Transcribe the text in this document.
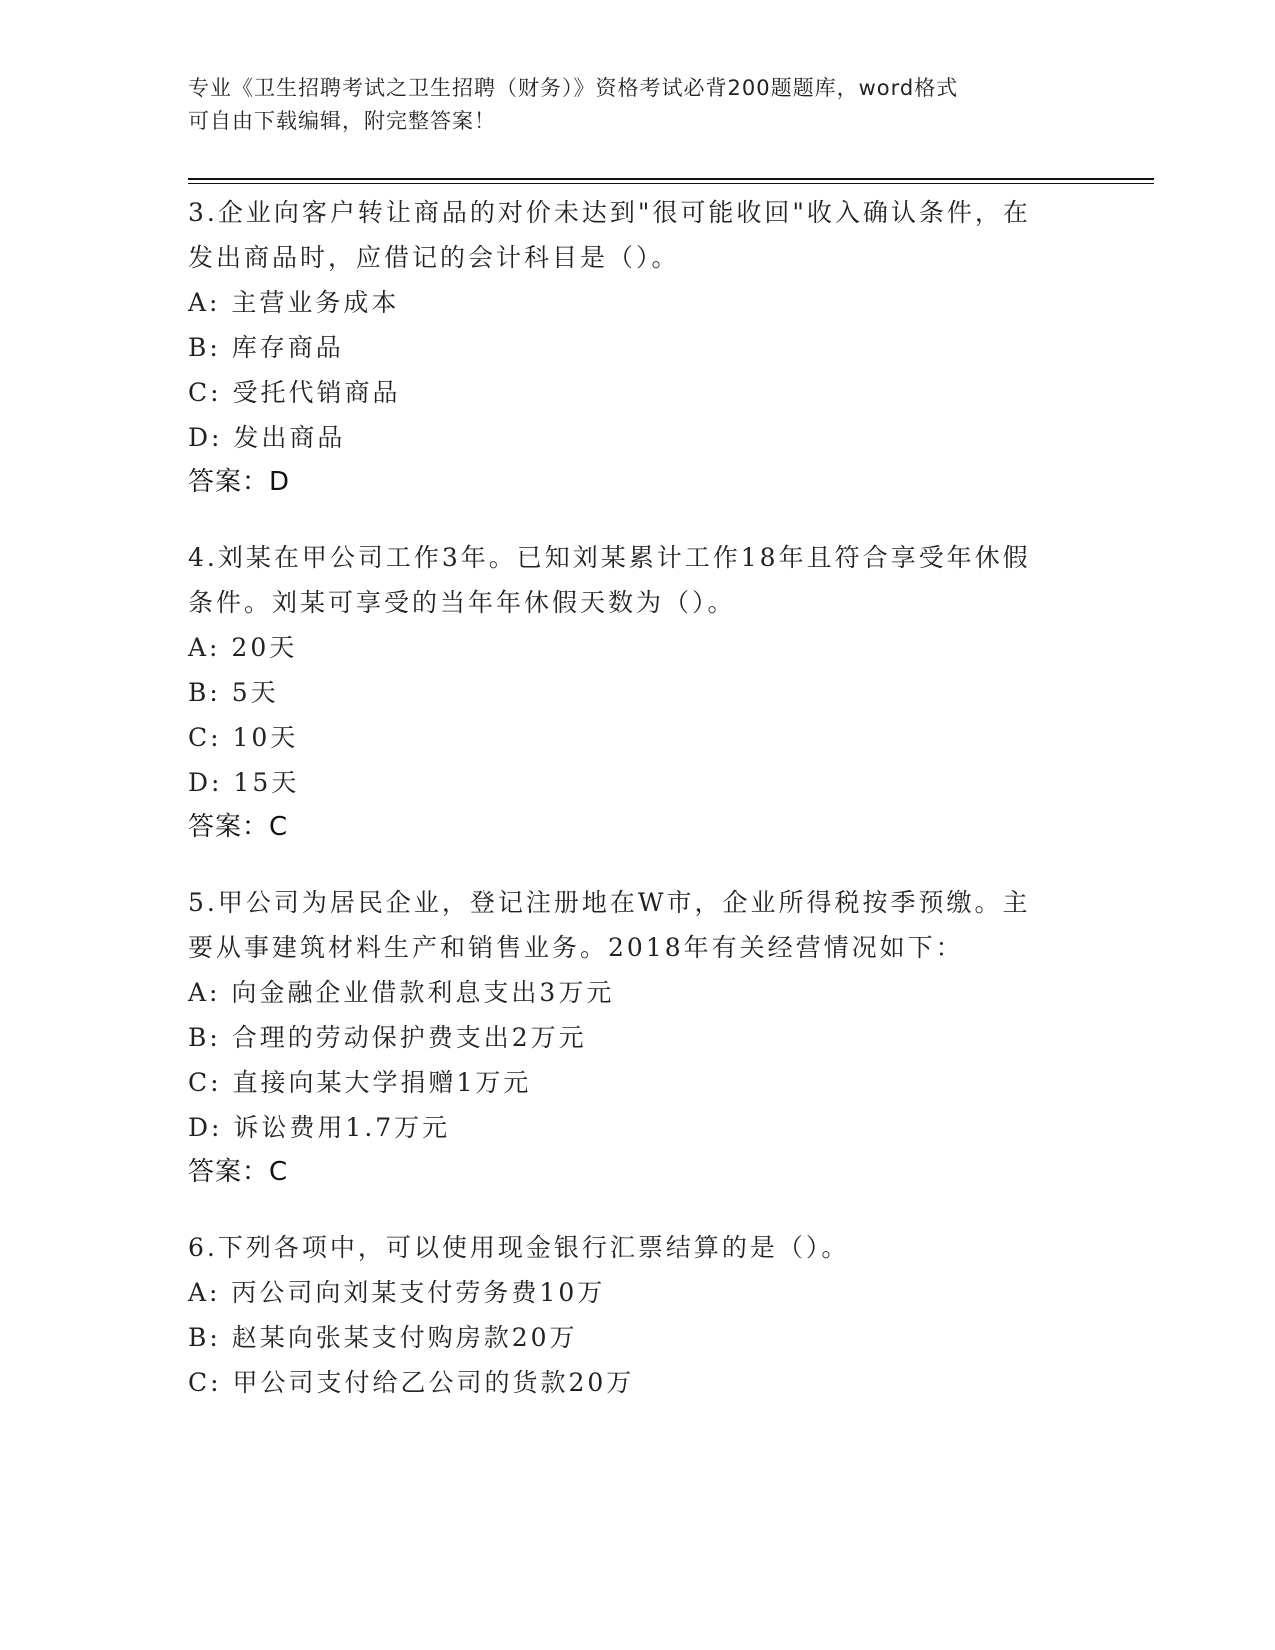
专业《卫生招聘考试之卫生招聘（财务）》资格考试必背200题题库，word格式
可自由下载编辑，附完整答案！
3.企业向客户转让商品的对价未达到"很可能收回"收入确认条件，在
发出商品时，应借记的会计科目是（）。
A: 主营业务成本
B: 库存商品
C: 受托代销商品
D: 发出商品
答案：D
4.刘某在甲公司工作3年。已知刘某累计工作18年且符合享受年休假
条件。刘某可享受的当年年休假天数为（）。
A: 20天
B: 5天
C: 10天
D: 15天
答案：C
5.甲公司为居民企业，登记注册地在W市，企业所得税按季预缴。主
要从事建筑材料生产和销售业务。2018年有关经营情况如下：
A: 向金融企业借款利息支出3万元
B: 合理的劳动保护费支出2万元
C: 直接向某大学捐赠1万元
D: 诉讼费用1.7万元
答案：C
6.下列各项中，可以使用现金银行汇票结算的是（）。
A: 丙公司向刘某支付劳务费10万
B: 赵某向张某支付购房款20万
C: 甲公司支付给乙公司的货款20万
